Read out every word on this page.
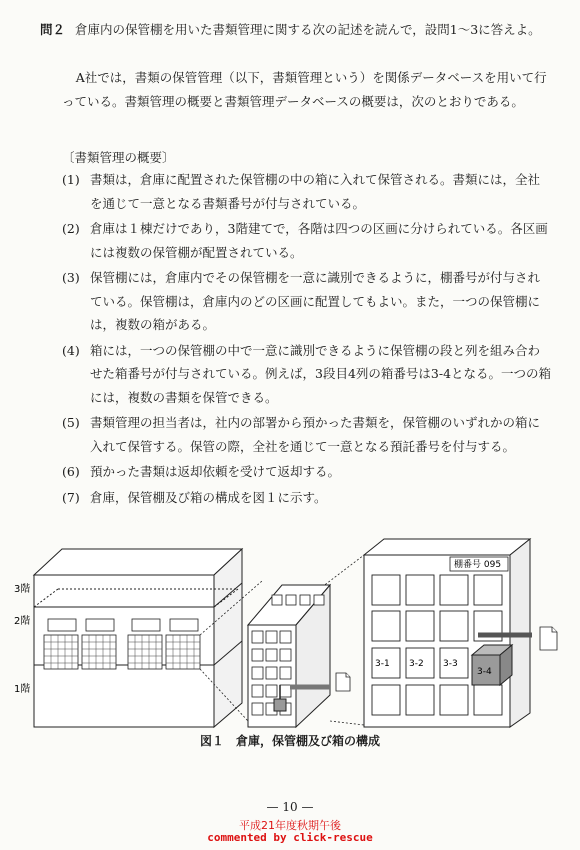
問２ 倉庫内の保管棚を用いた書類管理に関する次の記述を読んで，設問1〜3に答えよ。
A社では，書類の保管管理（以下，書類管理という）を関係データベースを用いて行っている。書類管理の概要と書類管理データベースの概要は，次のとおりである。
〔書類管理の概要〕
(1) 書類は，倉庫に配置された保管棚の中の箱に入れて保管される。書類には，全社を通じて一意となる書類番号が付与されている。
(2) 倉庫は１棟だけであり，3階建てで，各階は四つの区画に分けられている。各区画には複数の保管棚が配置されている。
(3) 保管棚には，倉庫内でその保管棚を一意に識別できるように，棚番号が付与されている。保管棚は，倉庫内のどの区画に配置してもよい。また，一つの保管棚には，複数の箱がある。
(4) 箱には，一つの保管棚の中で一意に識別できるように保管棚の段と列を組み合わせた箱番号が付与されている。例えば，3段目4列の箱番号は3-4となる。一つの箱には，複数の書類を保管できる。
(5) 書類管理の担当者は，社内の部署から預かった書類を，保管棚のいずれかの箱に入れて保管する。保管の際，全社を通じて一意となる預託番号を付与する。
(6) 預かった書類は返却依頼を受けて返却する。
(7) 倉庫，保管棚及び箱の構成を図１に示す。
3階
2階
1階
棚番号 095
3-1 3-2 3-3
3-4
図１　倉庫，保管棚及び箱の構成
— 10 —
平成21年度秋期午後
commented by click-rescue
